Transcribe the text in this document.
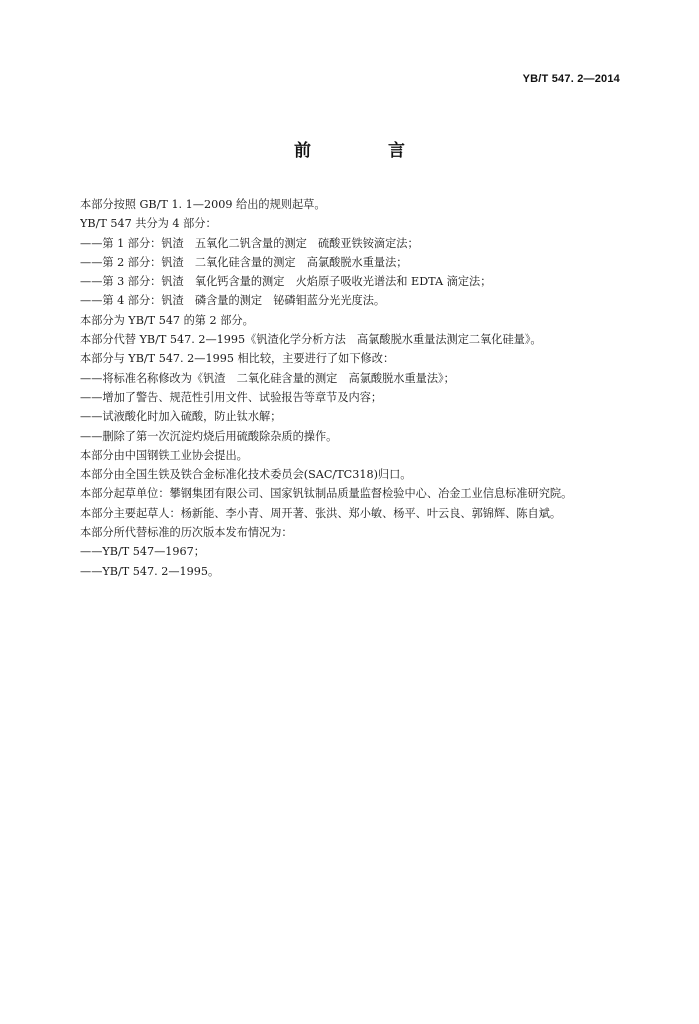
YB/T 547. 2—2014
前　言
本部分按照 GB/T 1. 1—2009 给出的规则起草。
YB/T 547 共分为 4 部分：
——第 1 部分：钒渣　五氧化二钒含量的测定　硫酸亚铁铵滴定法；
——第 2 部分：钒渣　二氧化硅含量的测定　高氯酸脱水重量法；
——第 3 部分：钒渣　氧化钙含量的测定　火焰原子吸收光谱法和 EDTA 滴定法；
——第 4 部分：钒渣　磷含量的测定　铋磷钼蓝分光光度法。
本部分为 YB/T 547 的第 2 部分。
本部分代替 YB/T 547. 2—1995《钒渣化学分析方法　高氯酸脱水重量法测定二氧化硅量》。
本部分与 YB/T 547. 2—1995 相比较，主要进行了如下修改：
——将标准名称修改为《钒渣　二氧化硅含量的测定　高氯酸脱水重量法》；
——增加了警告、规范性引用文件、试验报告等章节及内容；
——试液酸化时加入硫酸，防止钛水解；
——删除了第一次沉淀灼烧后用硫酸除杂质的操作。
本部分由中国钢铁工业协会提出。
本部分由全国生铁及铁合金标准化技术委员会(SAC/TC318)归口。
本部分起草单位：攀钢集团有限公司、国家钒钛制品质量监督检验中心、冶金工业信息标准研究院。
本部分主要起草人：杨新能、李小青、周开著、张洪、郑小敏、杨平、叶云良、郭锦辉、陈自斌。
本部分所代替标准的历次版本发布情况为：
——YB/T 547—1967；
——YB/T 547. 2—1995。
